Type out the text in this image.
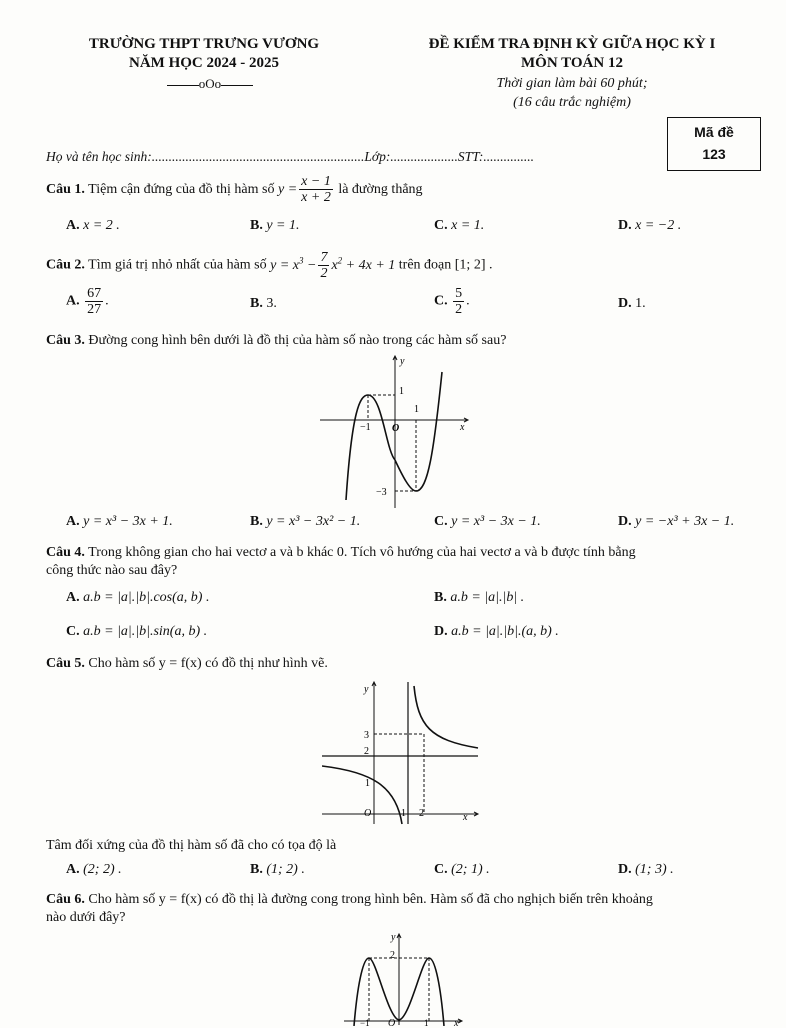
TRƯỜNG THPT TRƯNG VƯƠNG
NĂM HỌC 2024 - 2025
oOo
ĐỀ KIỂM TRA ĐỊNH KỲ GIỮA HỌC KỲ I
MÔN TOÁN 12
Thời gian làm bài 60 phút;
(16 câu trắc nghiệm)
Mã đề
123
Họ và tên học sinh:...............................................................Lớp:....................STT:...............
Câu 1. Tiệm cận đứng của đồ thị hàm số $y = \frac{x - 1}{x + 2}$ là đường thẳng
A. x = 2 .	B. y = 1.	C. x = 1.	D. x = −2 .
Câu 2. Tìm giá trị nhỏ nhất của hàm số $y = x^3 - \frac{7}{2} x^2 + 4x + 1$ trên đoạn [1; 2] .
A. $\frac{67}{27}$ .	B. 3.	C. $\frac{5}{2}$ .	D. 1.
Câu 3. Đường cong hình bên dưới là đồ thị của hàm số nào trong các hàm số sau?
y
1
1
−1 O	x
−3
A. y = x³ − 3x + 1.	B. y = x³ − 3x² − 1.	C. y = x³ − 3x − 1.	D. y = −x³ + 3x − 1.
Câu 4. Trong không gian cho hai vectơ a và b khác 0. Tích vô hướng của hai vectơ a và b được tính bằng
công thức nào sau đây?
A. a.b = |a|.|b|.cos(a, b) .	B. a.b = |a|.|b| .
C. a.b = |a|.|b|.sin(a, b) .	D. a.b = |a|.|b|.(a, b) .
Câu 5. Cho hàm số y = f(x) có đồ thị như hình vẽ.
y
3
2
1
O	1 2	x
Tâm đối xứng của đồ thị hàm số đã cho có tọa độ là
A. (2; 2) .	B. (1; 2) .	C. (2; 1) .	D. (1; 3) .
Câu 6. Cho hàm số y = f(x) có đồ thị là đường cong trong hình bên. Hàm số đã cho nghịch biến trên khoảng
nào dưới đây?
y
2
−1 O	1	x
